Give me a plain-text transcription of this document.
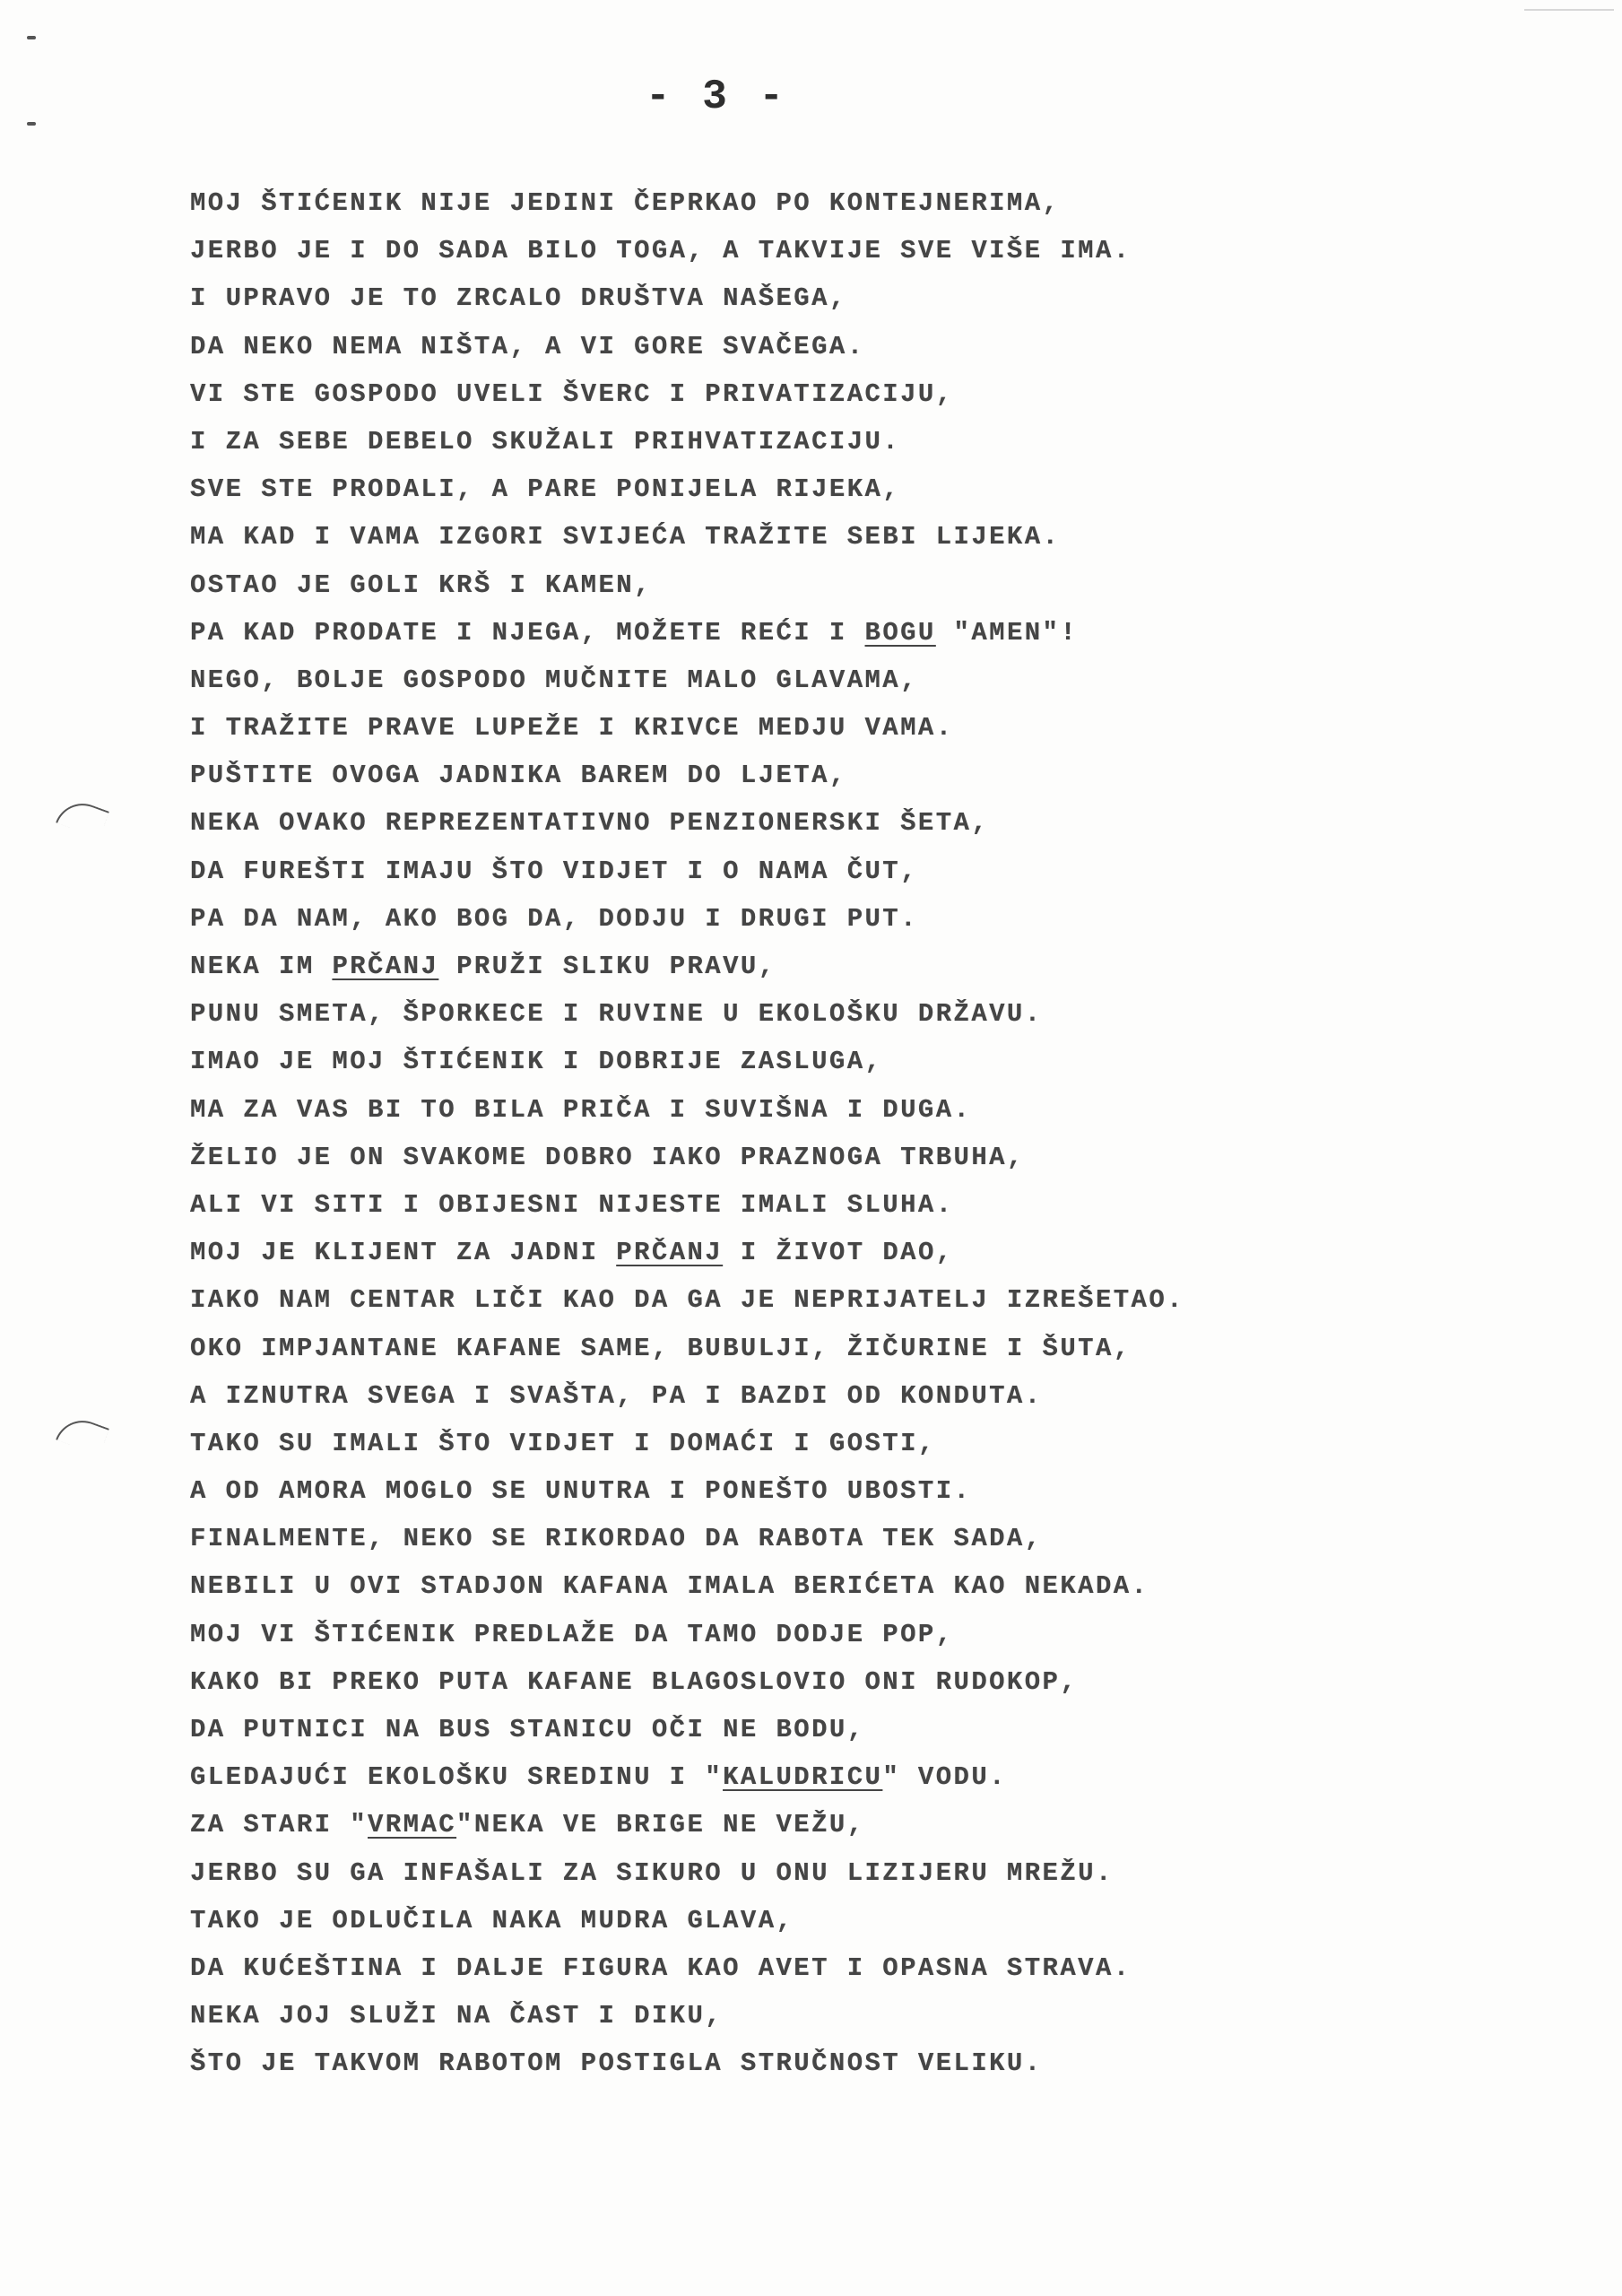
- 3 -
MOJ ŠTIĆENIK NIJE JEDINI ČEPRKAO PO KONTEJNERIMA,
JERBO JE I DO SADA BILO TOGA, A TAKVIJE SVE VIŠE IMA.
I UPRAVO JE TO ZRCALO DRUŠTVA NAŠEGA,
DA NEKO NEMA NIŠTA, A VI GORE SVAČEGA.
VI STE GOSPODO UVELI ŠVERC I PRIVATIZACIJU,
I ZA SEBE DEBELO SKUŽALI PRIHVATIZACIJU.
SVE STE PRODALI, A PARE PONIJELA RIJEKA,
MA KAD I VAMA IZGORI SVIJEĆA TRAŽITE SEBI LIJEKA.
OSTAO JE GOLI KRŠ I KAMEN,
PA KAD PRODATE I NJEGA, MOŽETE REĆI I BOGU "AMEN"!
NEGO, BOLJE GOSPODO MUČNITE MALO GLAVAMA,
I TRAŽITE PRAVE LUPEŽE I KRIVCE MEDJU VAMA.
PUŠTITE OVOGA JADNIKA BAREM DO LJETA,
NEKA OVAKO REPREZENTATIVNO PENZIONERSKI ŠETA,
DA FUREŠTI IMAJU ŠTO VIDJET I O NAMA ČUT,
PA DA NAM, AKO BOG DA, DODJU I DRUGI PUT.
NEKA IM PRČANJ PRUŽI SLIKU PRAVU,
PUNU SMETA, ŠPORKECE I RUVINE U EKOLOŠKU DRŽAVU.
IMAO JE MOJ ŠTIĆENIK I DOBRIJE ZASLUGA,
MA ZA VAS BI TO BILA PRIČA I SUVIŠNA I DUGA.
ŽELIO JE ON SVAKOME DOBRO IAKO PRAZNOGA TRBUHA,
ALI VI SITI I OBIJESNI NIJESTE IMALI SLUHA.
MOJ JE KLIJENT ZA JADNI PRČANJ I ŽIVOT DAO,
IAKO NAM CENTAR LIČI KAO DA GA JE NEPRIJATELJ IZREŠETAO.
OKO IMPJANTANE KAFANE SAME, BUBULJI, ŽIČURINE I ŠUTA,
A IZNUTRA SVEGA I SVAŠTA, PA I BAZDI OD KONDUTA.
TAKO SU IMALI ŠTO VIDJET I DOMAĆI I GOSTI,
A OD AMORA MOGLO SE UNUTRA I PONEŠTO UBOSTI.
FINALMENTE, NEKO SE RIKORDAO DA RABOTA TEK SADA,
NEBILI U OVI STADJON KAFANA IMALA BERIĆETA KAO NEKADA.
MOJ VI ŠTIĆENIK PREDLAŽE DA TAMO DODJE POP,
KAKO BI PREKO PUTA KAFANE BLAGOSLOVIO ONI RUDOKOP,
DA PUTNICI NA BUS STANICU OČI NE BODU,
GLEDAJUĆI EKOLOŠKU SREDINU I "KALUDRICU" VODU.
ZA STARI "VRMAC"NEKA VE BRIGE NE VEŽU,
JERBO SU GA INFAŠALI ZA SIKURO U ONU LIZIJERU MREŽU.
TAKO JE ODLUČILA NAKA MUDRA GLAVA,
DA KUĆEŠTINA I DALJE FIGURA KAO AVET I OPASNA STRAVA.
NEKA JOJ SLUŽI NA ČAST I DIKU,
ŠTO JE TAKVOM RABOTOM POSTIGLA STRUČNOST VELIKU.
